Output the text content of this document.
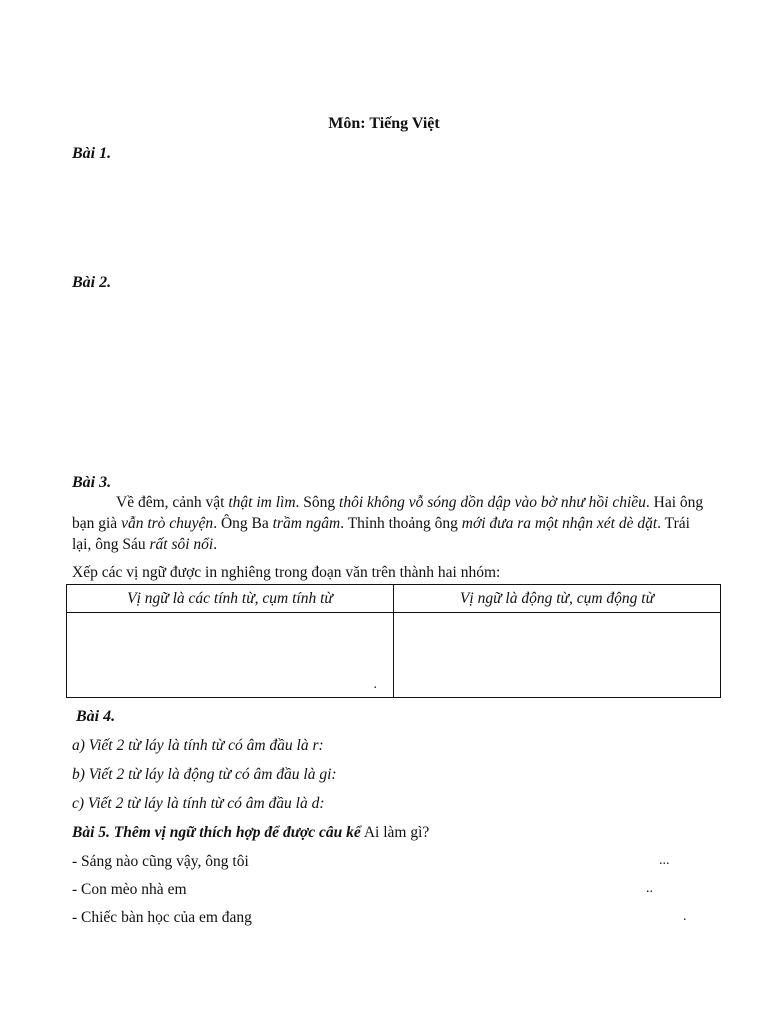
Môn: Tiếng Việt
Bài 1.
Bài 2.
Bài 3.
Về đêm, cảnh vật thật im lìm. Sông thôi không vỗ sóng dồn dập vào bờ như hồi chiều. Hai ông bạn già vẫn trò chuyện. Ông Ba trầm ngâm. Thỉnh thoảng ông mới đưa ra một nhận xét dè dặt. Trái lại, ông Sáu rất sôi nổi.
Xếp các vị ngữ được in nghiêng trong đoạn văn trên thành hai nhóm:
Vị ngữ là các tính từ, cụm tính từ	Vị ngữ là động từ, cụm động từ

.	

Bài 4.
a) Viết 2 từ láy là tính từ có âm đầu là r:
b) Viết 2 từ láy là động từ có âm đầu là gi:
c) Viết 2 từ láy là tính từ có âm đầu là d:
Bài 5. Thêm vị ngữ thích hợp để được câu kể Ai làm gì?
- Sáng nào cũng vậy, ông tôi	...
- Con mèo nhà em	..
- Chiếc bàn học của em đang	.
